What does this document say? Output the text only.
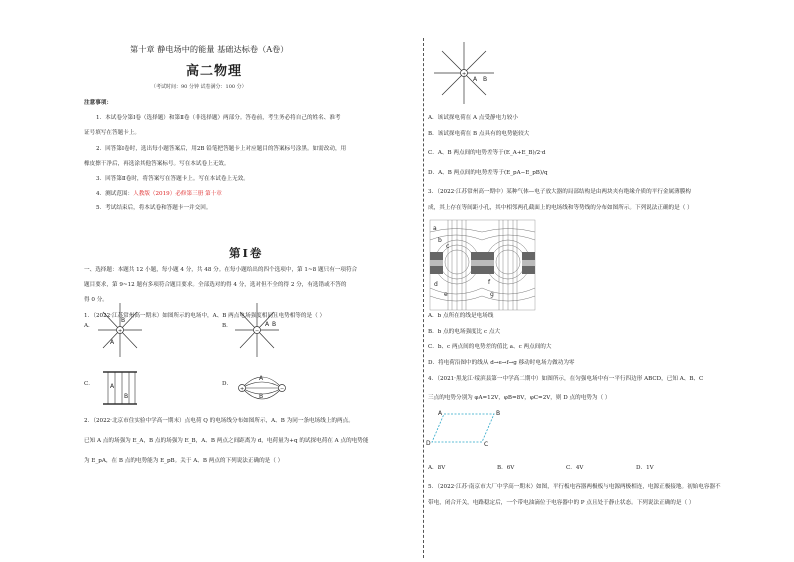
第十章 静电场中的能量 基础达标卷（A卷）
高二物理
（考试时间：90 分钟 试卷满分：100 分）
注意事项：
1．本试卷分第Ⅰ卷（选择题）和第Ⅱ卷（非选择题）两部分。答卷前，考生务必将自己的姓名、准考
证号填写在答题卡上。
2．回答第Ⅰ卷时，选出每小题答案后，用2B 铅笔把答题卡上对应题目的答案标号涂黑。如需改动，用
橡皮擦干净后，再选涂其他答案标号。写在本试卷上无效。
3．回答第Ⅱ卷时，将答案写在答题卡上。写在本试卷上无效。
4．测试范围：人教版（2019）必修第三册 第十章
5．考试结束后，将本试卷和答题卡一并交回。
第Ⅰ卷
一、选择题：本题共 12 小题，每小题 4 分，共 48 分。在每小题给出的四个选项中，第 1~8 题只有一项符合
题目要求，第 9~12 题有多项符合题目要求。全部选对的得 4 分，选对但不全的得 2 分，有选错或不答的
得 0 分。
1．（2022·江苏常州高一期末）如图所示的电场中，A、B 两点电场强度相同且电势相等的是（ ）
A．	B．
C．	D．
+
B
A
−
A B
A
B
+	−
A
B
2．（2022·北京市住实验中学高一期末）点电荷 Q 的电场线分布如图所示，A、B 为同一条电场线上的两点。
已知 A 点的场强为 E_A，B 点的场强为 E_B，A、B 两点之间距离为 d，电荷量为+q 的试探电荷在 A 点的电势能
为 E_pA，在 B 点的电势能为 E_pB。关于 A、B 两点的下列说法正确的是（ ）
+
A B
A．该试探电荷在 A 点受静电力较小
B．该试探电荷在 B 点具有的电势能较大
C．A、B 两点间的电势差等于(E_A+E_B)/2·d
D．A、B 两点间的电势差等于(E_pA−E_pB)/q
3．（2022·江苏常州高一期中）某种气体—电子放大器的局部结构是由两块夹有绝缘介质的平行金属薄膜构
成，其上存在等间距小孔，其中相邻两孔截面上的电场线和等势线的分布如图所示。下列说法正确的是（ ）
a
b
c
d
e
f
g
A．b 点所在的线是电场线
B．b 点的电场强度比 c 点大
C．b、c 两点间的电势差的值比 a、c 两点间的大
D．将电荷沿图中的线从 d→e→f→g 移动时电场力做功为零
4．（2021·黑龙江·绥滨县第一中学高二期中）如图所示，在匀强电场中有一平行四边形 ABCD，已知 A、B、C
三点的电势分别为 φA=12V，φB=8V，φC=2V，则 D 点的电势为（ ）
A	B
C
D
A．8V	B．6V	C．4V	D．1V
5．（2022·江苏·南京市大厂中学高一期末）如图，平行板电容器两极板与电源两极相连，电源正极接地。初始电容器不
带电，闭合开关，电路稳定后，一个带电油滴位于电容器中的 P 点且处于静止状态。下列说法正确的是（ ）
